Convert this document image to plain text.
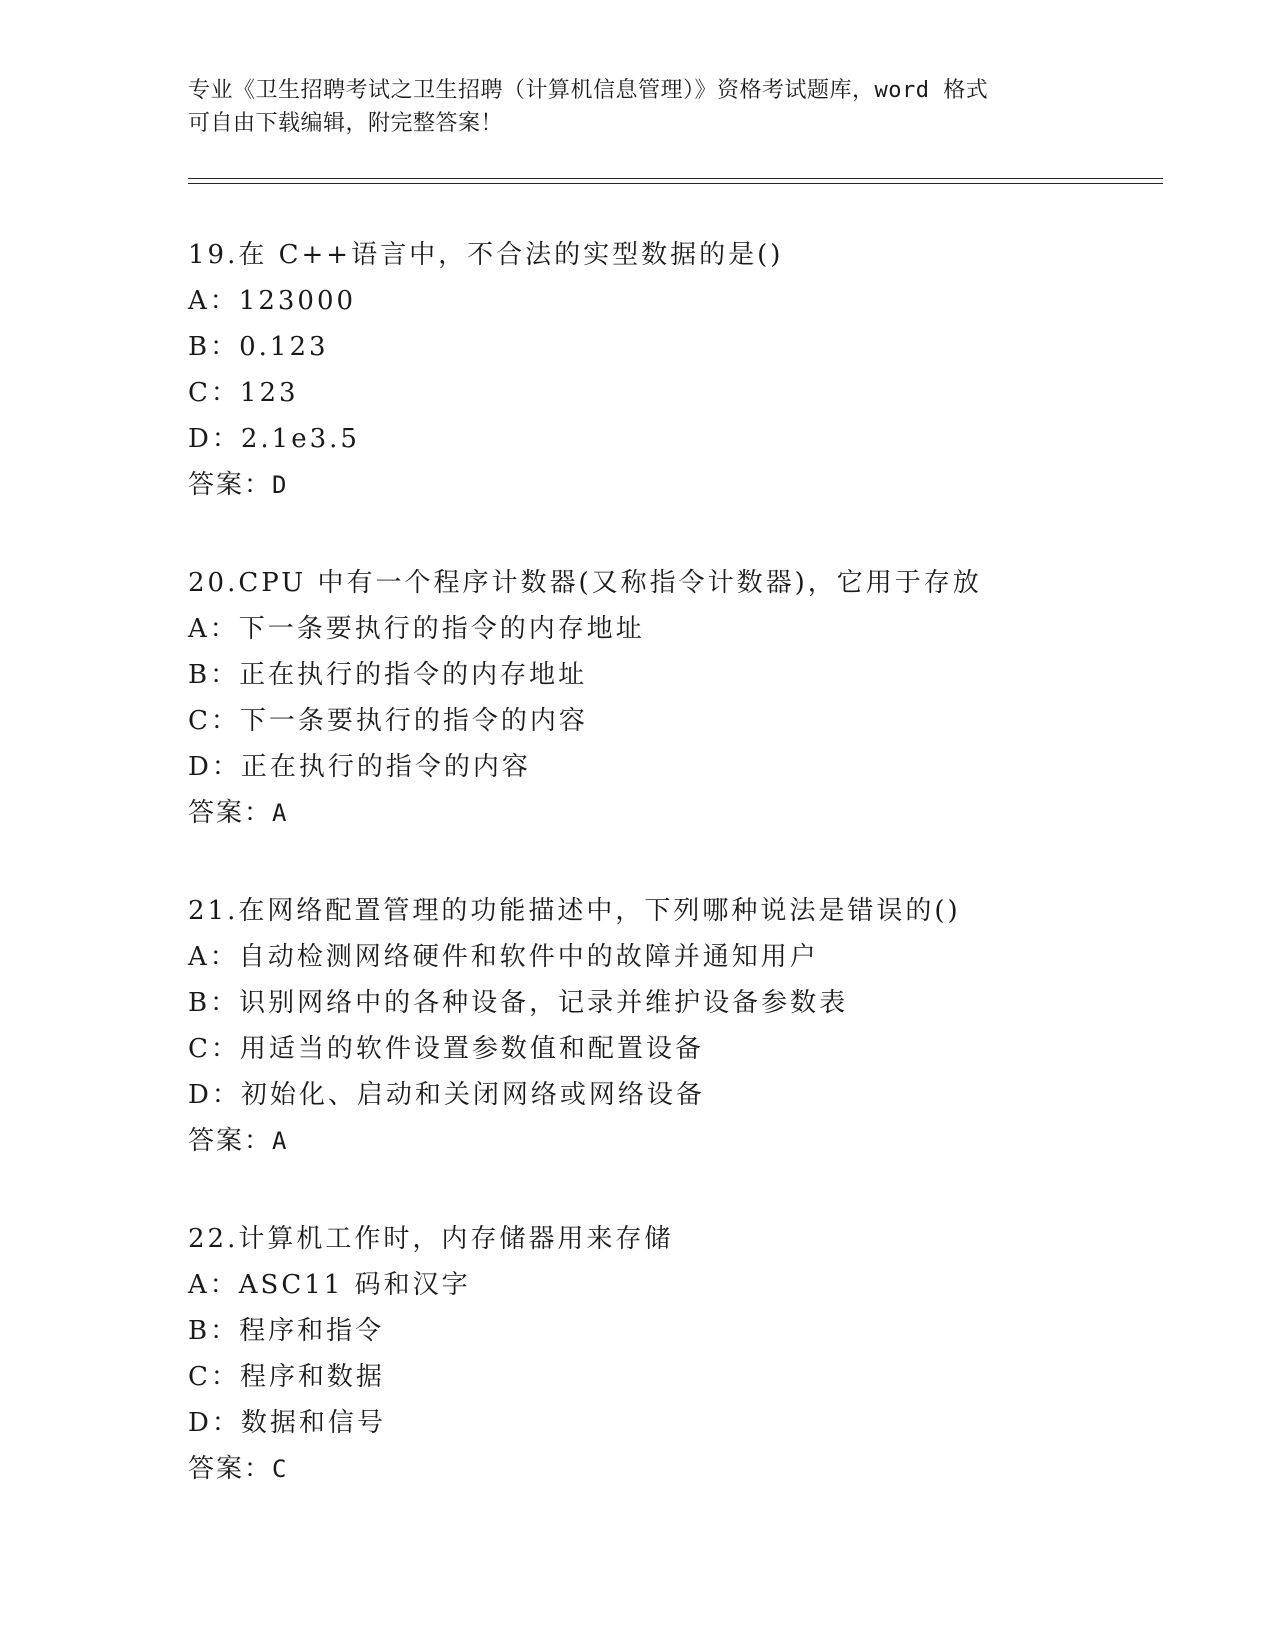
专业《卫生招聘考试之卫生招聘（计算机信息管理）》资格考试题库，word 格式
可自由下载编辑，附完整答案！
19.在 C++语言中，不合法的实型数据的是()
A：123000
B：0.123
C：123
D：2.1e3.5
答案：D
20.CPU 中有一个程序计数器(又称指令计数器)，它用于存放
A：下一条要执行的指令的内存地址
B：正在执行的指令的内存地址
C：下一条要执行的指令的内容
D：正在执行的指令的内容
答案：A
21.在网络配置管理的功能描述中，下列哪种说法是错误的()
A：自动检测网络硬件和软件中的故障并通知用户
B：识别网络中的各种设备，记录并维护设备参数表
C：用适当的软件设置参数值和配置设备
D：初始化、启动和关闭网络或网络设备
答案：A
22.计算机工作时，内存储器用来存储
A：ASC11 码和汉字
B：程序和指令
C：程序和数据
D：数据和信号
答案：C
